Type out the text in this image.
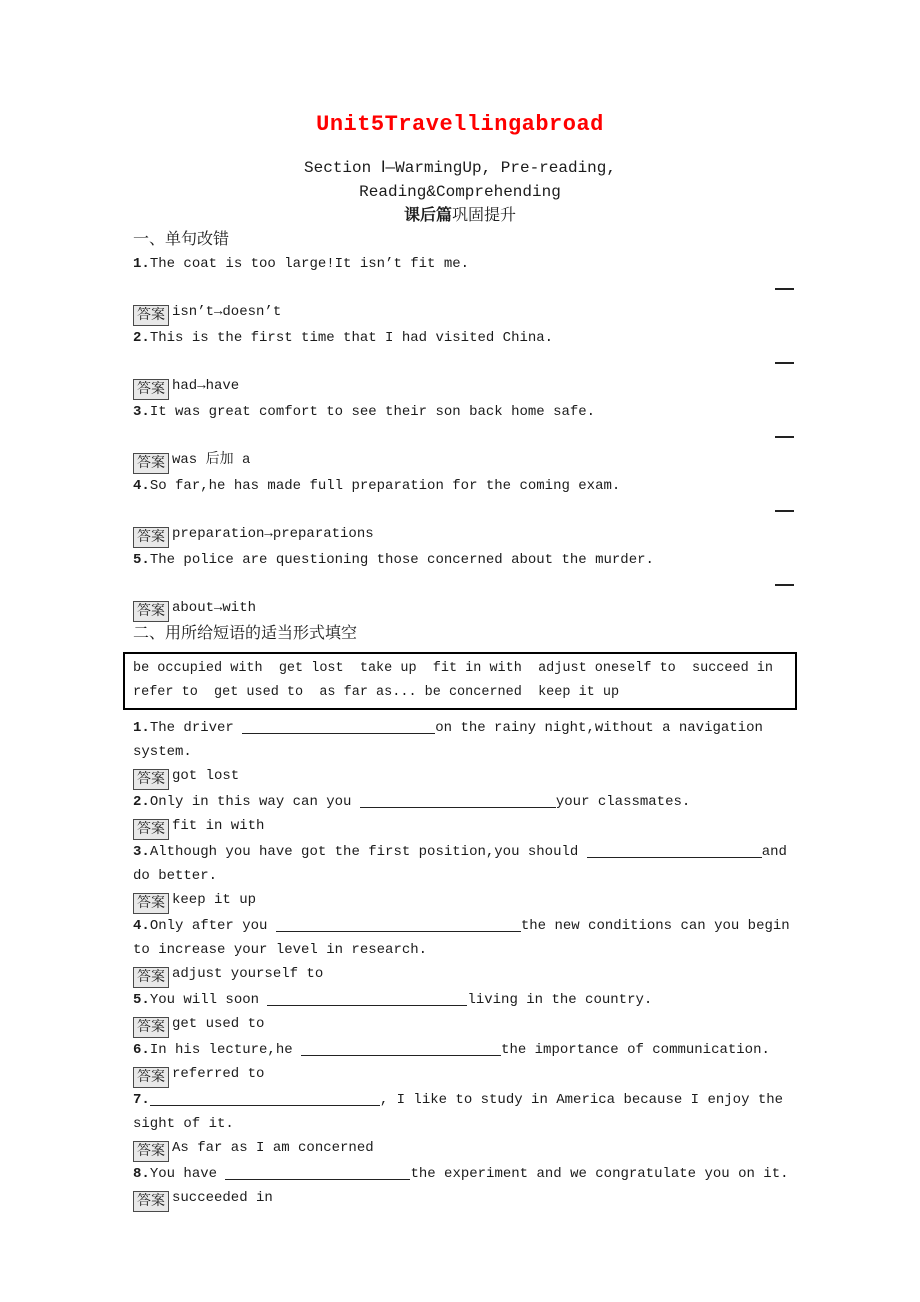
Unit5Travellingabroad
Section Ⅰ—WarmingUp, Pre-reading,
Reading&Comprehending
课后篇巩固提升
一、单句改错
1.The coat is too large!It isn’t fit me.
答案 isn’t→doesn’t
2.This is the first time that I had visited China.
答案 had→have
3.It was great comfort to see their son back home safe.
答案 was 后加 a
4.So far,he has made full preparation for the coming exam.
答案 preparation→preparations
5.The police are questioning those concerned about the murder.
答案 about→with
二、用所给短语的适当形式填空
be occupied with  get lost  take up  fit in with  adjust oneself to  succeed in
refer to  get used to  as far as... be concerned  keep it up
1.The driver	on the rainy night,without a navigation system.
答案 got lost
2.Only in this way can you	your classmates.
答案 fit in with
3.Although you have got the first position,you should	and do better.
答案 keep it up
4.Only after you	the new conditions can you begin to increase your level in research.
答案 adjust yourself to
5.You will soon	living in the country.
答案 get used to
6.In his lecture,he	the importance of communication.
答案 referred to
7.	, I like to study in America because I enjoy the sight of it.
答案 As far as I am concerned
8.You have	the experiment and we congratulate you on it.
答案 succeeded in
